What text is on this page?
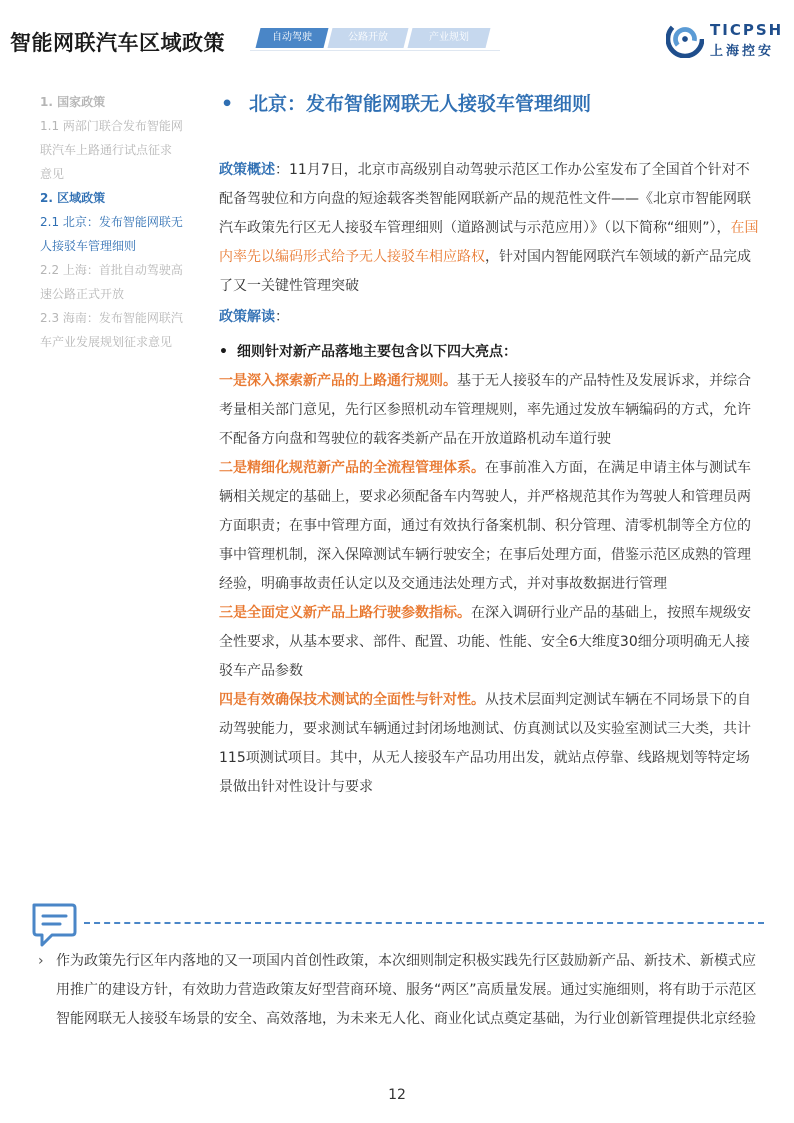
智能网联汽车区域政策	自动驾驶	公路开放	产业规划	TICPSH
上海控安
1. 国家政策
1.1 两部门联合发布智能网
联汽车上路通行试点征求
意见
2. 区域政策
2.1 北京：发布智能网联无
人接驳车管理细则
2.2 上海：首批自动驾驶高
速公路正式开放
2.3 海南：发布智能网联汽
车产业发展规划征求意见
• 北京：发布智能网联无人接驳车管理细则
政策概述：11月7日，北京市高级别自动驾驶示范区工作办公室发布了全国首个针对不配备驾驶位和方向盘的短途载客类智能网联新产品的规范性文件——《北京市智能网联汽车政策先行区无人接驳车管理细则（道路测试与示范应用）》（以下简称“细则”），在国内率先以编码形式给予无人接驳车相应路权，针对国内智能网联汽车领域的新产品完成了又一关键性管理突破
政策解读：
• 细则针对新产品落地主要包含以下四大亮点：
一是深入探索新产品的上路通行规则。基于无人接驳车的产品特性及发展诉求，并综合考量相关部门意见，先行区参照机动车管理规则，率先通过发放车辆编码的方式，允许不配备方向盘和驾驶位的载客类新产品在开放道路机动车道行驶
二是精细化规范新产品的全流程管理体系。在事前准入方面，在满足申请主体与测试车辆相关规定的基础上，要求必须配备车内驾驶人，并严格规范其作为驾驶人和管理员两方面职责；在事中管理方面，通过有效执行备案机制、积分管理、清零机制等全方位的事中管理机制，深入保障测试车辆行驶安全；在事后处理方面，借鉴示范区成熟的管理经验，明确事故责任认定以及交通违法处理方式，并对事故数据进行管理
三是全面定义新产品上路行驶参数指标。在深入调研行业产品的基础上，按照车规级安全性要求，从基本要求、部件、配置、功能、性能、安全6大维度30细分项明确无人接驳车产品参数
四是有效确保技术测试的全面性与针对性。从技术层面判定测试车辆在不同场景下的自动驾驶能力，要求测试车辆通过封闭场地测试、仿真测试以及实验室测试三大类，共计115项测试项目。其中，从无人接驳车产品功用出发，就站点停靠、线路规划等特定场景做出针对性设计与要求
› 作为政策先行区年内落地的又一项国内首创性政策，本次细则制定积极实践先行区鼓励新产品、新技术、新模式应用推广的建设方针，有效助力营造政策友好型营商环境、服务“两区”高质量发展。通过实施细则，将有助于示范区智能网联无人接驳车场景的安全、高效落地，为未来无人化、商业化试点奠定基础，为行业创新管理提供北京经验
12
